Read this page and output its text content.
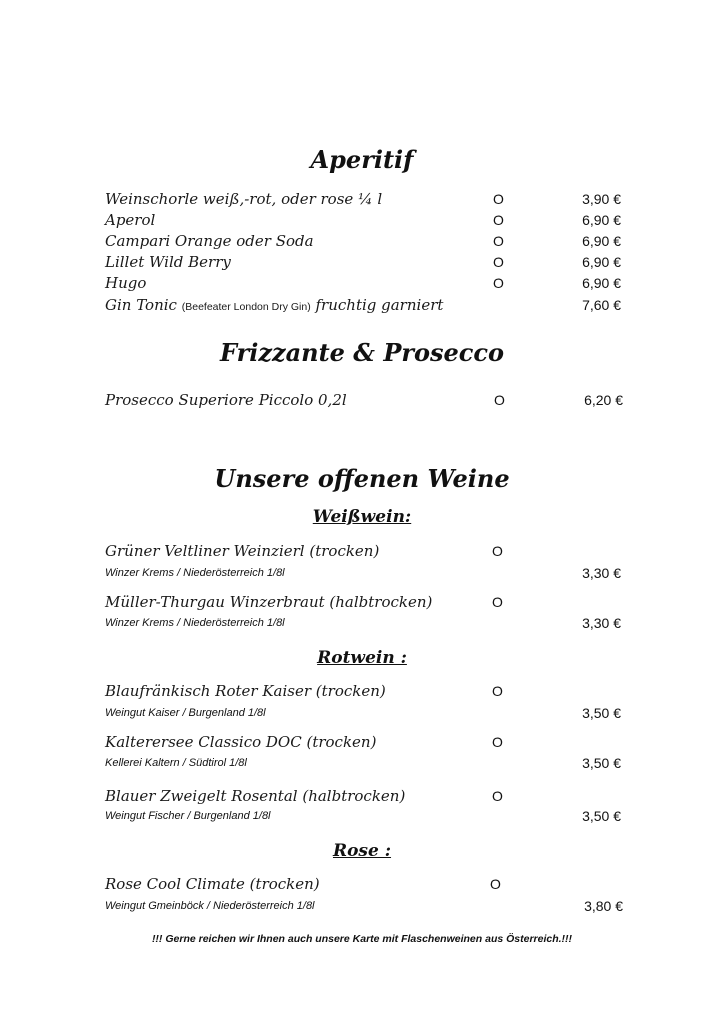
Aperitif
Weinschorle weiß,-rot, oder rose ¼ l	O	3,90 €
Aperol	O	6,90 €
Campari Orange oder Soda	O	6,90 €
Lillet Wild Berry	O	6,90 €
Hugo	O	6,90 €
Gin Tonic (Beefeater London Dry Gin) fruchtig garniert	7,60 €
Frizzante & Prosecco
Prosecco Superiore Piccolo 0,2l	O	6,20 €
Unsere offenen Weine
Weißwein:
Grüner Veltliner Weinzierl (trocken)	O
Winzer Krems / Niederösterreich 1/8l	3,30 €
Müller-Thurgau Winzerbraut (halbtrocken)	O
Winzer Krems / Niederösterreich 1/8l	3,30 €
Rotwein :
Blaufränkisch Roter Kaiser (trocken)	O
Weingut Kaiser / Burgenland 1/8l	3,50 €
Kalterersee Classico DOC (trocken)	O
Kellerei Kaltern / Südtirol 1/8l	3,50 €
Blauer Zweigelt Rosental (halbtrocken)	O
Weingut Fischer / Burgenland 1/8l	3,50 €
Rose :
Rose Cool Climate (trocken)	O
Weingut Gmeinböck / Niederösterreich 1/8l	3,80 €
!!! Gerne reichen wir Ihnen auch unsere Karte mit Flaschenweinen aus Österreich.!!!
